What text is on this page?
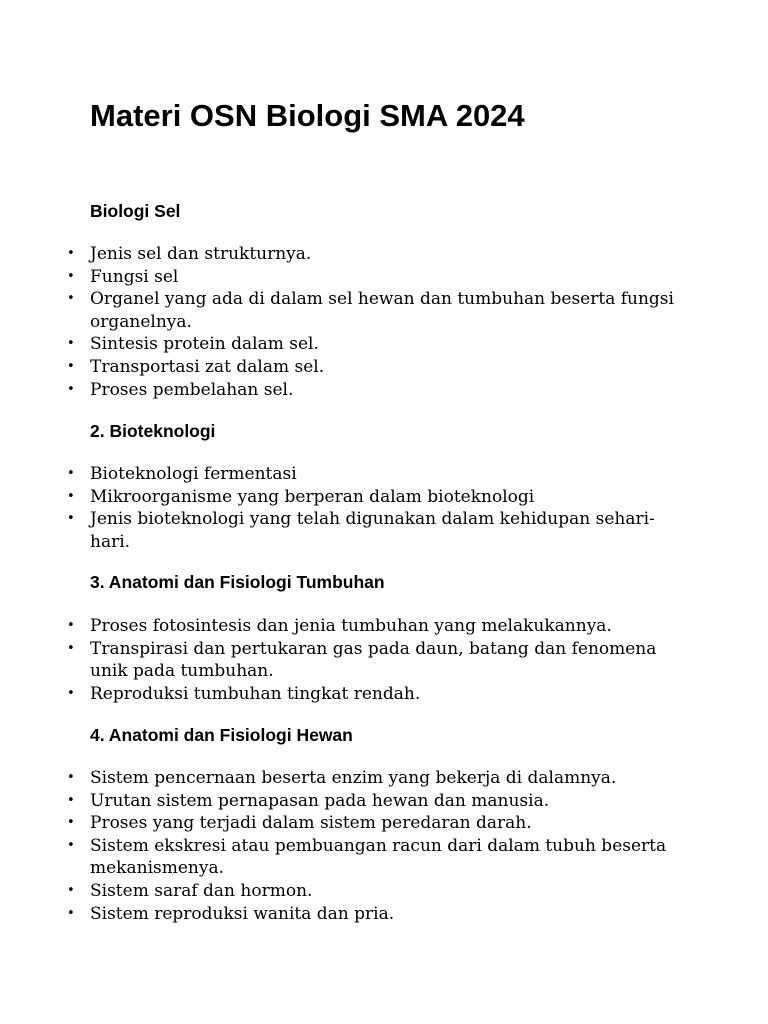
Materi OSN Biologi SMA 2024
Biologi Sel
• Jenis sel dan strukturnya.
• Fungsi sel
• Organel yang ada di dalam sel hewan dan tumbuhan beserta fungsi organelnya.
• Sintesis protein dalam sel.
• Transportasi zat dalam sel.
• Proses pembelahan sel.
2. Bioteknologi
• Bioteknologi fermentasi
• Mikroorganisme yang berperan dalam bioteknologi
• Jenis bioteknologi yang telah digunakan dalam kehidupan sehari-hari.
3. Anatomi dan Fisiologi Tumbuhan
• Proses fotosintesis dan jenia tumbuhan yang melakukannya.
• Transpirasi dan pertukaran gas pada daun, batang dan fenomena unik pada tumbuhan.
• Reproduksi tumbuhan tingkat rendah.
4. Anatomi dan Fisiologi Hewan
• Sistem pencernaan beserta enzim yang bekerja di dalamnya.
• Urutan sistem pernapasan pada hewan dan manusia.
• Proses yang terjadi dalam sistem peredaran darah.
• Sistem ekskresi atau pembuangan racun dari dalam tubuh beserta mekanismenya.
• Sistem saraf dan hormon.
• Sistem reproduksi wanita dan pria.
